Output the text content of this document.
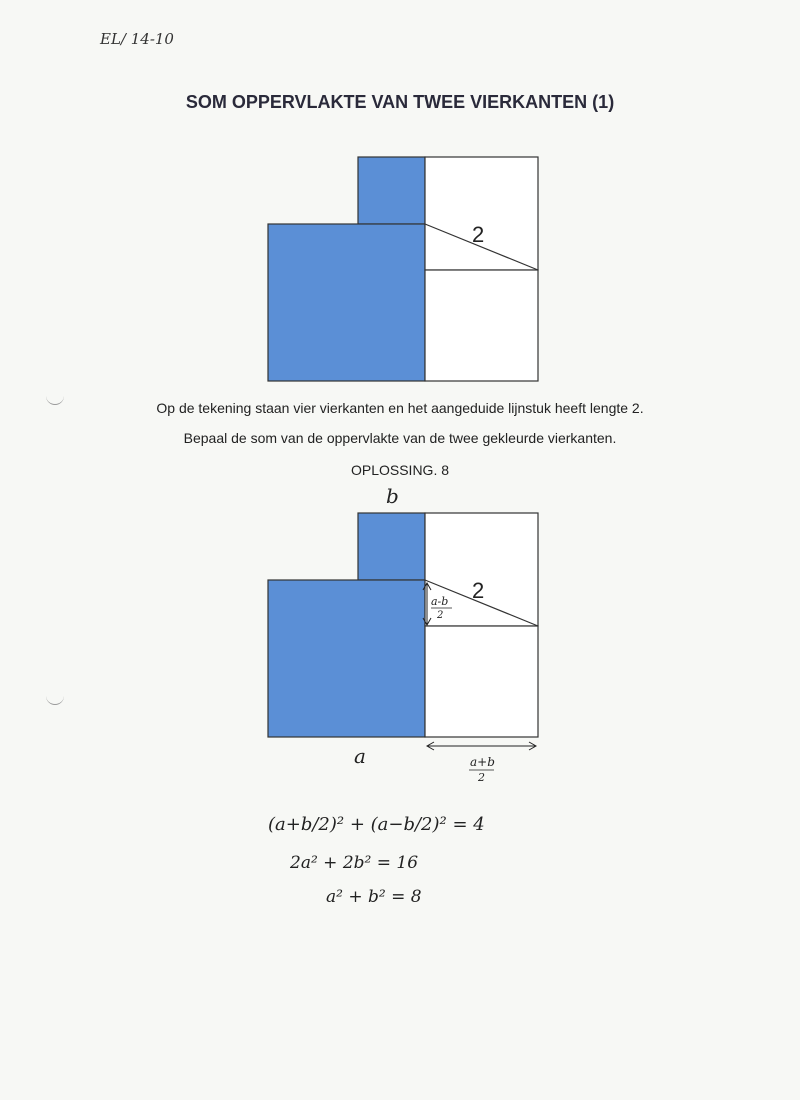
EL/ 14-10
SOM OPPERVLAKTE VAN TWEE VIERKANTEN (1)
2
2
a-b
2
a+b
2
b
a
(a+b/2)² + (a−b/2)² = 4
2a² + 2b² = 16
a² + b² = 8
Op de tekening staan vier vierkanten en het aangeduide lijnstuk heeft lengte 2.
Bepaal de som van de oppervlakte van de twee gekleurde vierkanten.
OPLOSSING. 8
